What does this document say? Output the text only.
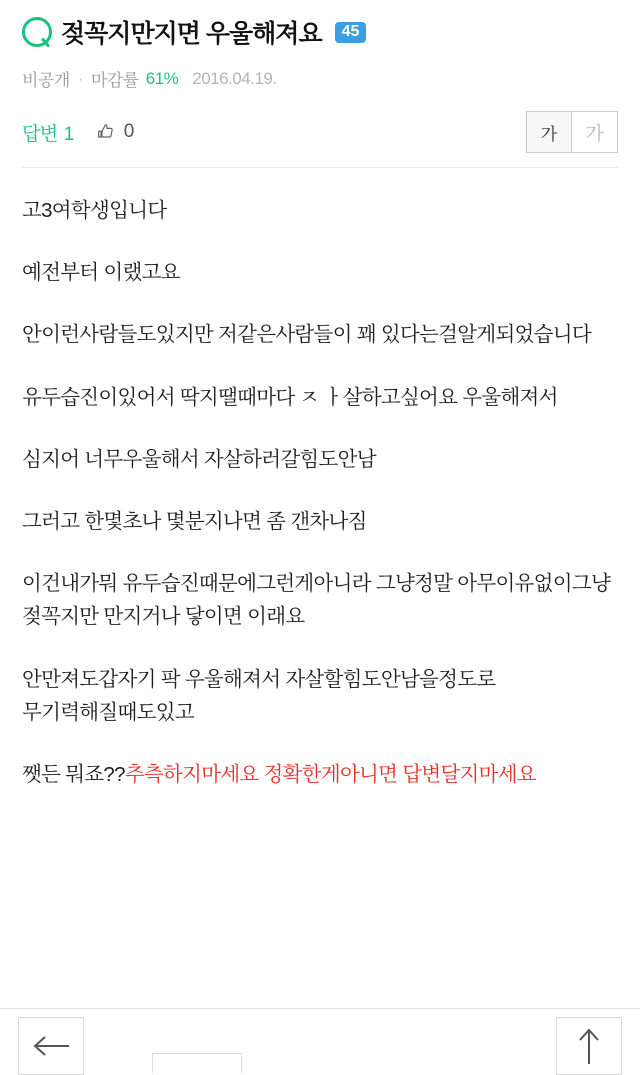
젖꼭지만지면 우울해져요	45
비공개 · 마감률 61% 2016.04.19.
답변 1	0	가	가

고3여학생입니다

예전부터 이랬고요

안이런사람들도있지만 저같은사람들이 꽤 있다는걸알게되었습니다

유두습진이있어서 딱지땔때마다 ㅈ ㅏ살하고싶어요 우울해져서

심지어 너무우울해서 자살하러갈힘도안남

그러고 한몇초나 몇분지나면 좀 갠차나짐

이건내가뭐 유두습진때문에그런게아니라 그냥정말 아무이유없이그냥 젖꼭지만 만지거나 닿이면 이래요

안만져도갑자기 팍 우울해져서 자살할힘도안남을정도로 무기력해질때도있고

쨋든 뭐죠??추측하지마세요 정확한게아니면 답변달지마세요
